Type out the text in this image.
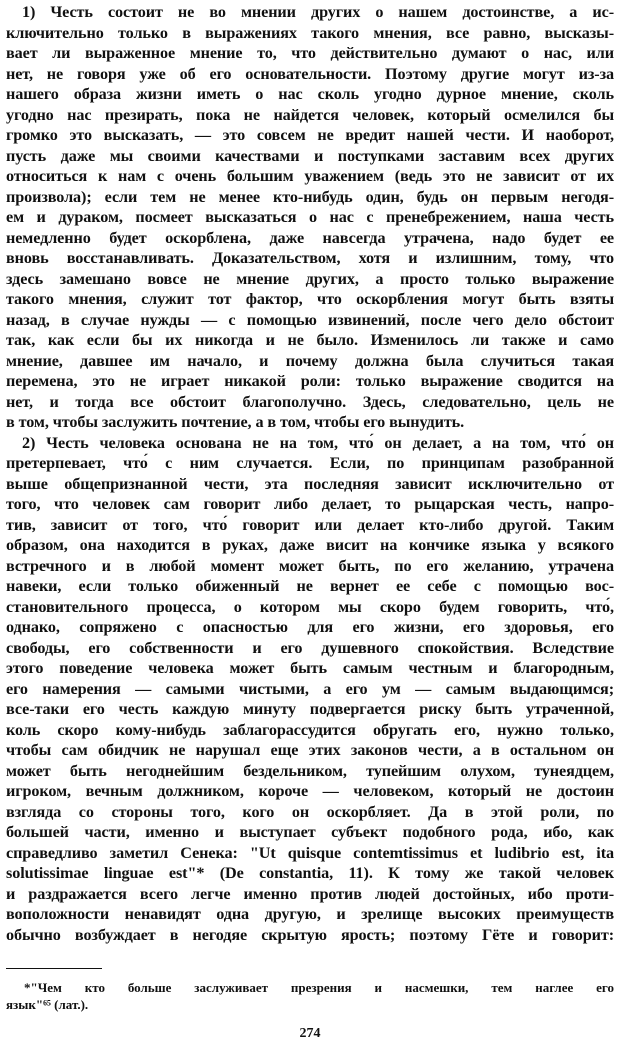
1) Честь состоит не во мнении других о нашем достоинстве, а ис-
ключительно только в выражениях такого мнения, все равно, высказы-
вает ли выраженное мнение то, что действительно думают о нас, или
нет, не говоря уже об его основательности. Поэтому другие могут из-за
нашего образа жизни иметь о нас сколь угодно дурное мнение, сколь
угодно нас презирать, пока не найдется человек, который осмелился бы
громко это высказать, — это совсем не вредит нашей чести. И наоборот,
пусть даже мы своими качествами и поступками заставим всех других
относиться к нам с очень большим уважением (ведь это не зависит от их
произвола); если тем не менее кто-нибудь один, будь он первым негодя-
ем и дураком, посмеет высказаться о нас с пренебрежением, наша честь
немедленно будет оскорблена, даже навсегда утрачена, надо будет ее
вновь восстанавливать. Доказательством, хотя и излишним, тому, что
здесь замешано вовсе не мнение других, а просто только выражение
такого мнения, служит тот фактор, что оскорбления могут быть взяты
назад, в случае нужды — с помощью извинений, после чего дело обстоит
так, как если бы их никогда и не было. Изменилось ли также и само
мнение, давшее им начало, и почему должна была случиться такая
перемена, это не играет никакой роли: только выражение сводится на
нет, и тогда все обстоит благополучно. Здесь, следовательно, цель не
в том, чтобы заслужить почтение, а в том, чтобы его вынудить.
2) Честь человека основана не на том, что́ он делает, а на том, что́ он
претерпевает, что́ с ним случается. Если, по принципам разобранной
выше общепризнанной чести, эта последняя зависит исключительно от
того, что человек сам говорит либо делает, то рыцарская честь, напро-
тив, зависит от того, что́ говорит или делает кто-либо другой. Таким
образом, она находится в руках, даже висит на кончике языка у всякого
встречного и в любой момент может быть, по его желанию, утрачена
навеки, если только обиженный не вернет ее себе с помощью вос-
становительного процесса, о котором мы скоро будем говорить, что́,
однако, сопряжено с опасностью для его жизни, его здоровья, его
свободы, его собственности и его душевного спокойствия. Вследствие
этого поведение человека может быть самым честным и благородным,
его намерения — самыми чистыми, а его ум — самым выдающимся;
все-таки его честь каждую минуту подвергается риску быть утраченной,
коль скоро кому-нибудь заблагорассудится обругать его, нужно только,
чтобы сам обидчик не нарушал еще этих законов чести, а в остальном он
может быть негоднейшим бездельником, тупейшим олухом, тунеядцем,
игроком, вечным должником, короче — человеком, который не достоин
взгляда со стороны того, кого он оскорбляет. Да в этой роли, по
большей части, именно и выступает субъект подобного рода, ибо, как
справедливо заметил Сенека: "Ut quisque contemtissimus et ludibrio est, ita
solutissimae linguae est"* (De constantia, 11). К тому же такой человек
и раздражается всего легче именно против людей достойных, ибо проти-
воположности ненавидят одна другую, и зрелище высоких преимуществ
обычно возбуждает в негодяе скрытую ярость; поэтому Гёте и говорит:
*"Чем кто больше заслуживает презрения и насмешки, тем наглее его
язык"⁶⁵ (лат.).
274
